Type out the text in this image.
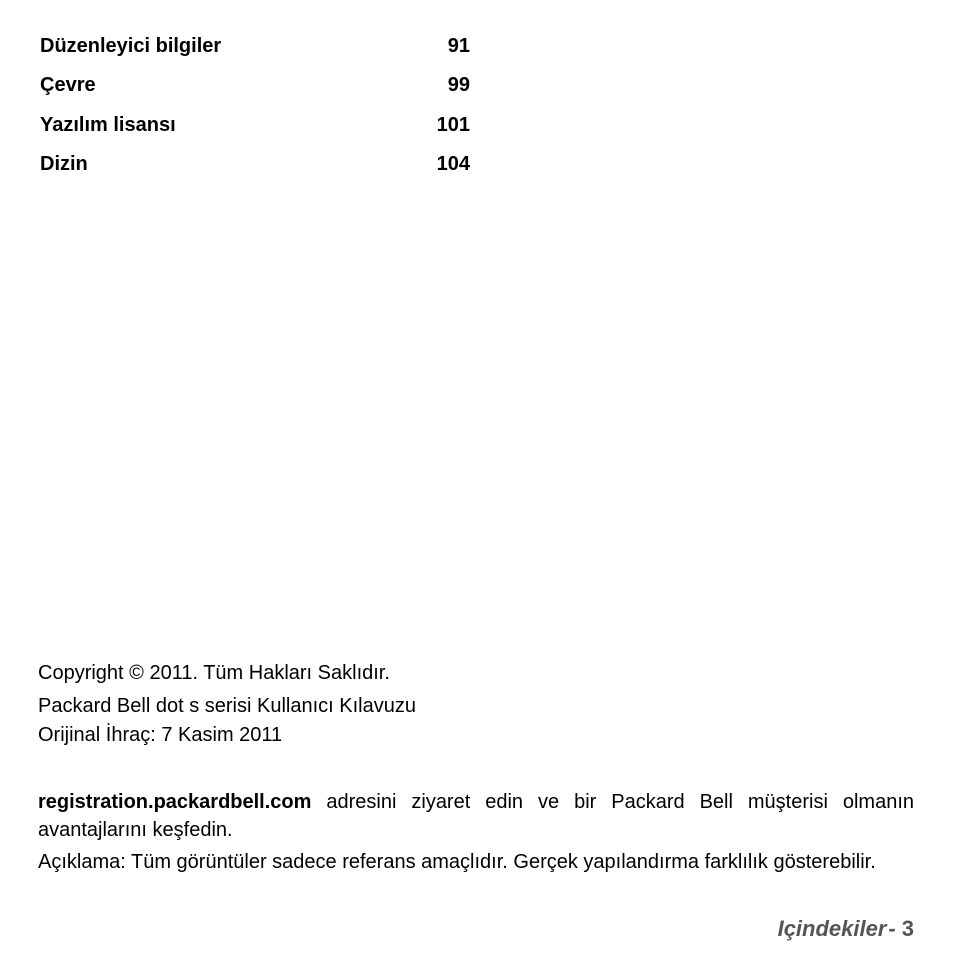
Düzenleyici bilgiler	91
Çevre	99
Yazılım lisansı	101
Dizin	104
Copyright © 2011. Tüm Hakları Saklıdır.
Packard Bell dot s serisi Kullanıcı Kılavuzu
Orijinal İhraç: 7 Kasim 2011

registration.packardbell.com adresini ziyaret edin ve bir Packard Bell müşterisi olmanın avantajlarını keşfedin.

Açıklama: Tüm görüntüler sadece referans amaçlıdır. Gerçek yapılandırma farklılık gösterebilir.

Içindekiler- 3
